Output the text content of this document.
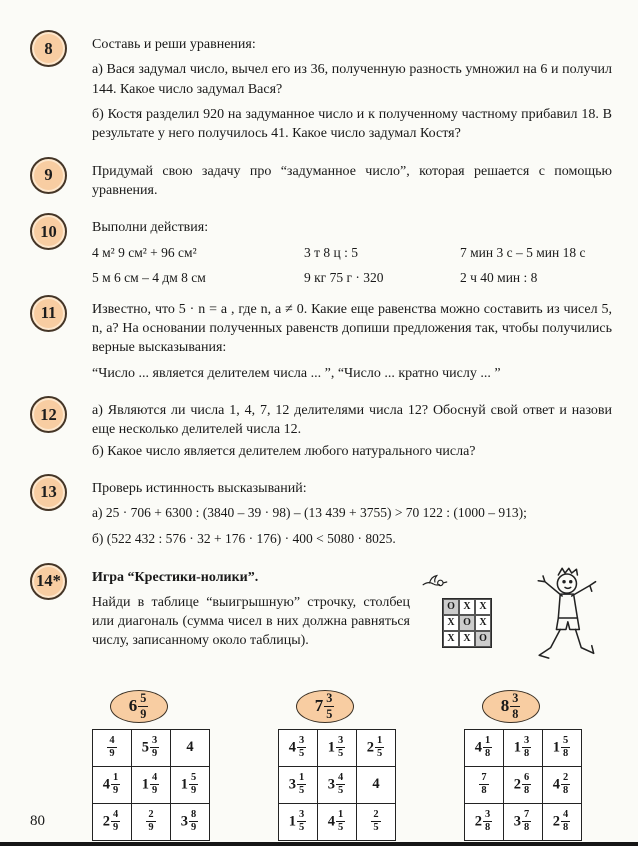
8	Составь и реши уравнения:

а) Вася задумал число, вычел его из 36, полученную разность умножил на 6 и получил 144. Какое число задумал Вася?

б) Костя разделил 920 на задуманное число и к полученному частному прибавил 18. В результате у него получилось 41. Какое число задумал Костя?

9	Придумай свою задачу про “задуманное число”, которая решается с помощью уравнения.

10	Выполни действия:

4 м² 9 см² + 96 см²	3 т 8 ц : 5	7 мин 3 с – 5 мин 18 с
5 м 6 см – 4 дм 8 см	9 кг 75 г · 320	2 ч 40 мин : 8
11	Известно, что 5 · n = a , где n, a ≠ 0. Какие еще равенства можно составить из чисел 5, n, a? На основании полученных равенств допиши предложения так, чтобы получились верные высказывания:

“Число ... является делителем числа ... ”, “Число ... кратно числу ... ”

12	а) Являются ли числа 1, 4, 7, 12 делителями числа 12? Обоснуй свой ответ и назови еще несколько делителей числа 12.

б) Какое число является делителем любого натурального числа?

13	Проверь истинность высказываний:

а) 25 · 706 + 6300 : (3840 – 39 · 98) – (13 439 + 3755) > 70 122 : (1000 – 913);
б) (522 432 : 576 · 32 + 176 · 176) · 400 < 5080 · 8025.
14*	Игра “Крестики-нолики”.

Найди в таблице “выигрышную” строчку, столбец или диагональ (сумма чисел в них должна равняться числу, записанному около таблицы).

O X X
X O X
X X O
6 5
9
$\frac{4}{9}$	$5 \frac{3}{9}$	4
$4 \frac{1}{9}$	$1 \frac{4}{9}$	$1 \frac{5}{9}$

$2 \frac{4}{9}$	$\frac{2}{9}$	$3 \frac{8}{9}$
7 3
5
$4 \frac{3}{5}$	$1 \frac{3}{5}$	$2 \frac{1}{5}$

$3 \frac{1}{5}$	$3 \frac{4}{5}$	4
$1 \frac{3}{5}$	$4 \frac{1}{5}$	$\frac{2}{5}$
8 3
8
$4 \frac{1}{8}$	$1 \frac{3}{8}$	$1 \frac{5}{8}$

$\frac{7}{8}$	$2 \frac{6}{8}$	$4 \frac{2}{8}$

$2 \frac{3}{8}$	$3 \frac{7}{8}$	$2 \frac{4}{8}$
80
